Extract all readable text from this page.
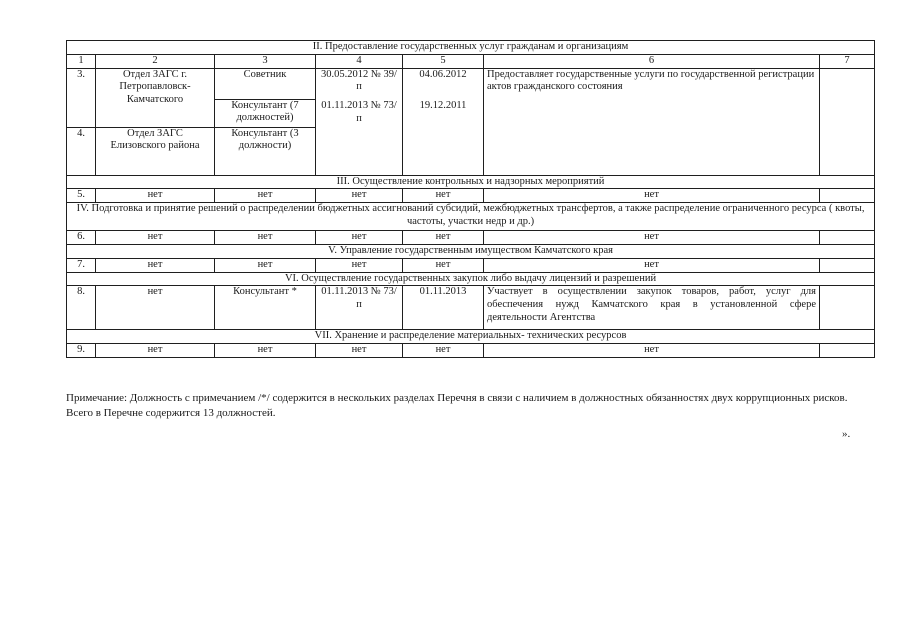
II. Предоставление государственных услуг гражданам и организациям						
1	2	3	4	5	6	7
3.	Отдел ЗАГС г. Петропавловск-Камчатского	Советник	30.05.2012 № 39/п	04.06.2012	Предоставляет государственные услуги по государственной регистрации актов гражданского состояния	
		Консультант (7 должностей)	01.11.2013 № 73/п	19.12.2011		
4.	Отдел ЗАГС Елизовского района	Консультант (3 должности)				
III. Осуществление контрольных и надзорных мероприятий						
5.	нет	нет	нет	нет	нет	
IV. Подготовка и принятие решений о распределении бюджетных ассигнований субсидий, межбюджетных трансфертов, а также распределение ограниченного ресурса ( квоты, частоты, участки недр и др.)						
6.	нет	нет	нет	нет	нет	
V. Управление государственным имуществом Камчатского края						
7.	нет	нет	нет	нет	нет	
VI. Осуществление государственных закупок либо выдачу лицензий и разрешений						
8.	нет	Консультант *	01.11.2013 № 73/п	01.11.2013	Участвует в осуществлении закупок товаров, работ, услуг для обеспечения нужд Камчатского края в установленной сфере деятельности Агентства	
VII. Хранение и распределение материальных- технических ресурсов						
9.	нет	нет	нет	нет	нет	
Примечание: Должность с примечанием /*/ содержится в нескольких разделах Перечня в связи с наличием в должностных обязанностях двух коррупционных рисков. Всего в Перечне содержится 13 должностей.
».
